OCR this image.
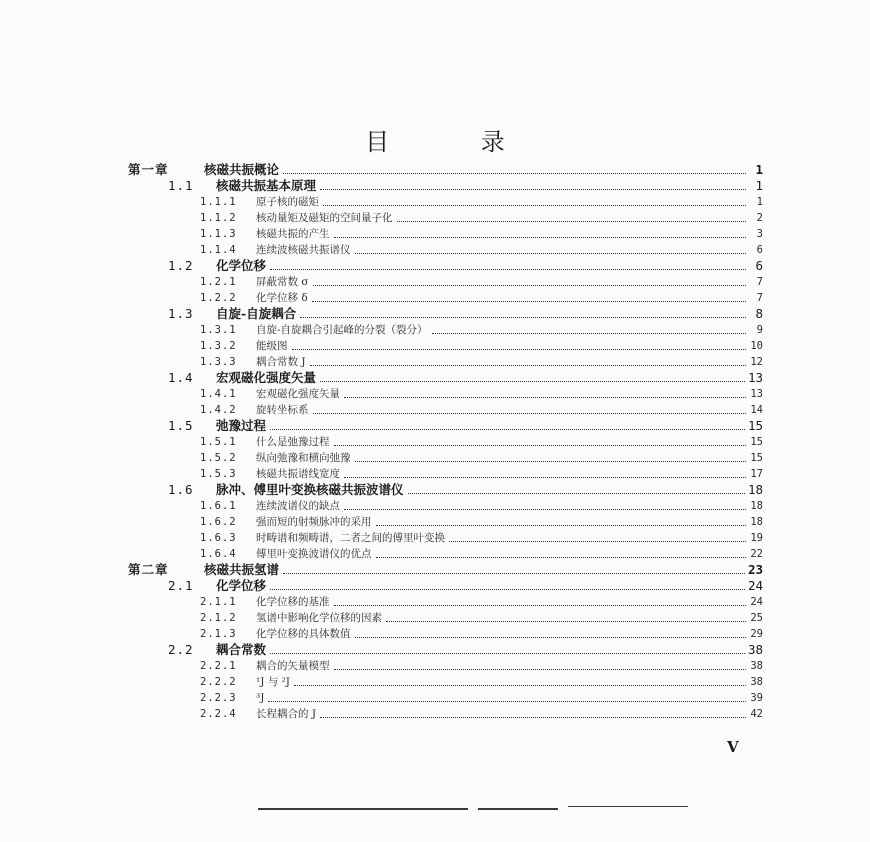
目 录
第一章	核磁共振概论	1
1.1	核磁共振基本原理	1
1.1.1	原子核的磁矩	1
1.1.2	核动量矩及磁矩的空间量子化	2
1.1.3	核磁共振的产生	3
1.1.4	连续波核磁共振谱仪	6
1.2	化学位移	6
1.2.1	屏蔽常数 σ	7
1.2.2	化学位移 δ	7
1.3	自旋-自旋耦合	8
1.3.1	自旋-自旋耦合引起峰的分裂（裂分）	9
1.3.2	能级图	10
1.3.3	耦合常数 J	12
1.4	宏观磁化强度矢量	13
1.4.1	宏观磁化强度矢量	13
1.4.2	旋转坐标系	14
1.5	弛豫过程	15
1.5.1	什么是弛豫过程	15
1.5.2	纵向弛豫和横向弛豫	15
1.5.3	核磁共振谱线宽度	17
1.6	脉冲、傅里叶变换核磁共振波谱仪	18
1.6.1	连续波谱仪的缺点	18
1.6.2	强而短的射频脉冲的采用	18
1.6.3	时畴谱和频畴谱，二者之间的傅里叶变换	19
1.6.4	傅里叶变换波谱仪的优点	22
第二章	核磁共振氢谱	23
2.1	化学位移	24
2.1.1	化学位移的基准	24
2.1.2	氢谱中影响化学位移的因素	25
2.1.3	化学位移的具体数值	29
2.2	耦合常数	38
2.2.1	耦合的矢量模型	38
2.2.2	¹J 与 ²J	38
2.2.3	³J	39
2.2.4	长程耦合的 J	42
V
